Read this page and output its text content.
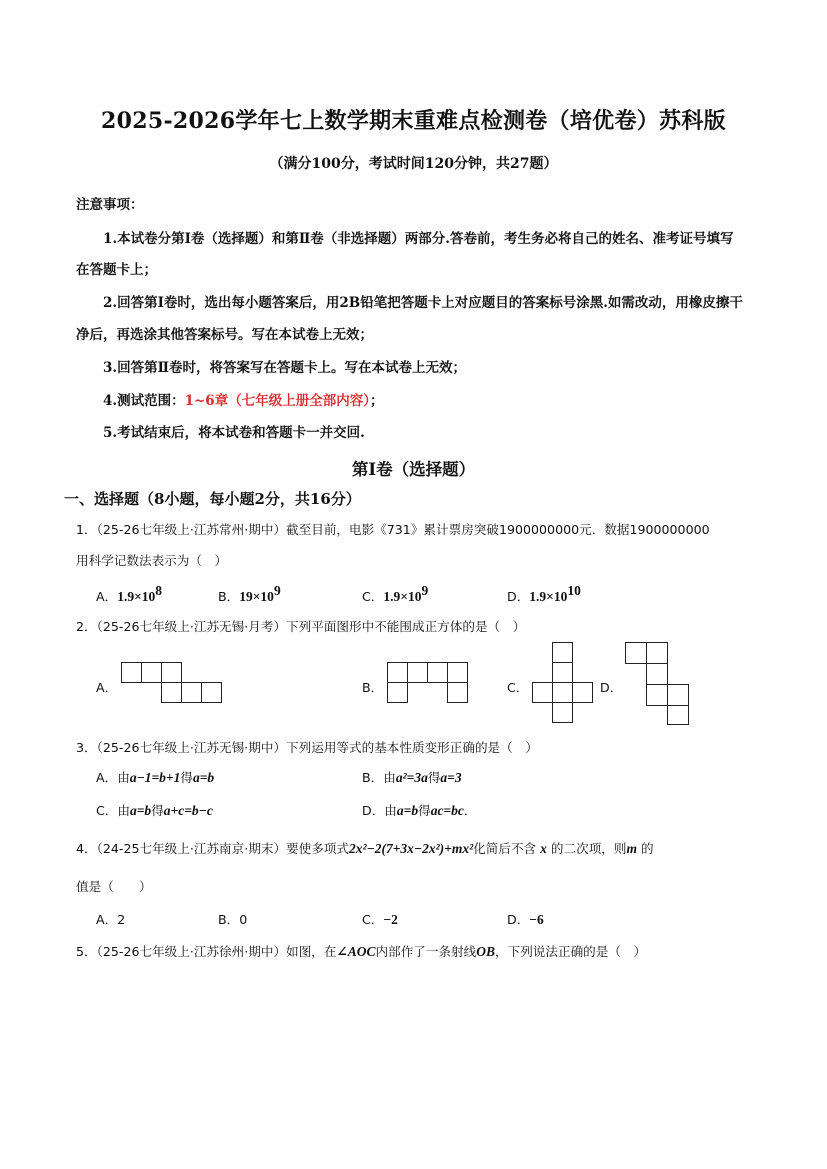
2025-2026学年七上数学期末重难点检测卷（培优卷）苏科版
（满分100分，考试时间120分钟，共27题）
注意事项：
1.本试卷分第Ⅰ卷（选择题）和第Ⅱ卷（非选择题）两部分.答卷前，考生务必将自己的姓名、准考证号填写
在答题卡上；
2.回答第Ⅰ卷时，选出每小题答案后，用2B铅笔把答题卡上对应题目的答案标号涂黑.如需改动，用橡皮擦干
净后，再选涂其他答案标号。写在本试卷上无效；
3.回答第Ⅱ卷时，将答案写在答题卡上。写在本试卷上无效；
4.测试范围：1~6章（七年级上册全部内容）；
5.考试结束后，将本试卷和答题卡一并交回.
第Ⅰ卷（选择题）
一、选择题（8小题，每小题2分，共16分）
1．（25-26七年级上·江苏常州·期中）截至目前，电影《731》累计票房突破1900000000元．数据1900000000
用科学记数法表示为（　）
A．$1.9\times 10^8$	B．$19\times 10^9$	C．$1.9\times 10^9$	D．$1.9\times 10^{10}$
2．（25-26七年级上·江苏无锡·月考）下列平面图形中不能围成正方体的是（　）
A．	B．	C．	D．
3．（25-26七年级上·江苏无锡·期中）下列运用等式的基本性质变形正确的是（　）
A．由a−1=b+1得a=b	B．由a²=3a得a=3
C．由a=b得a+c=b−c	D．由a=b得ac=bc．
4．（24-25七年级上·江苏南京·期末）要使多项式2x²−2(7+3x−2x²)+mx²化简后不含 x 的二次项，则m 的
值是（　　）
A．2	B．0	C．−2	D．−6
5．（25-26七年级上·江苏徐州·期中）如图，在∠AOC内部作了一条射线OB，下列说法正确的是（　）
